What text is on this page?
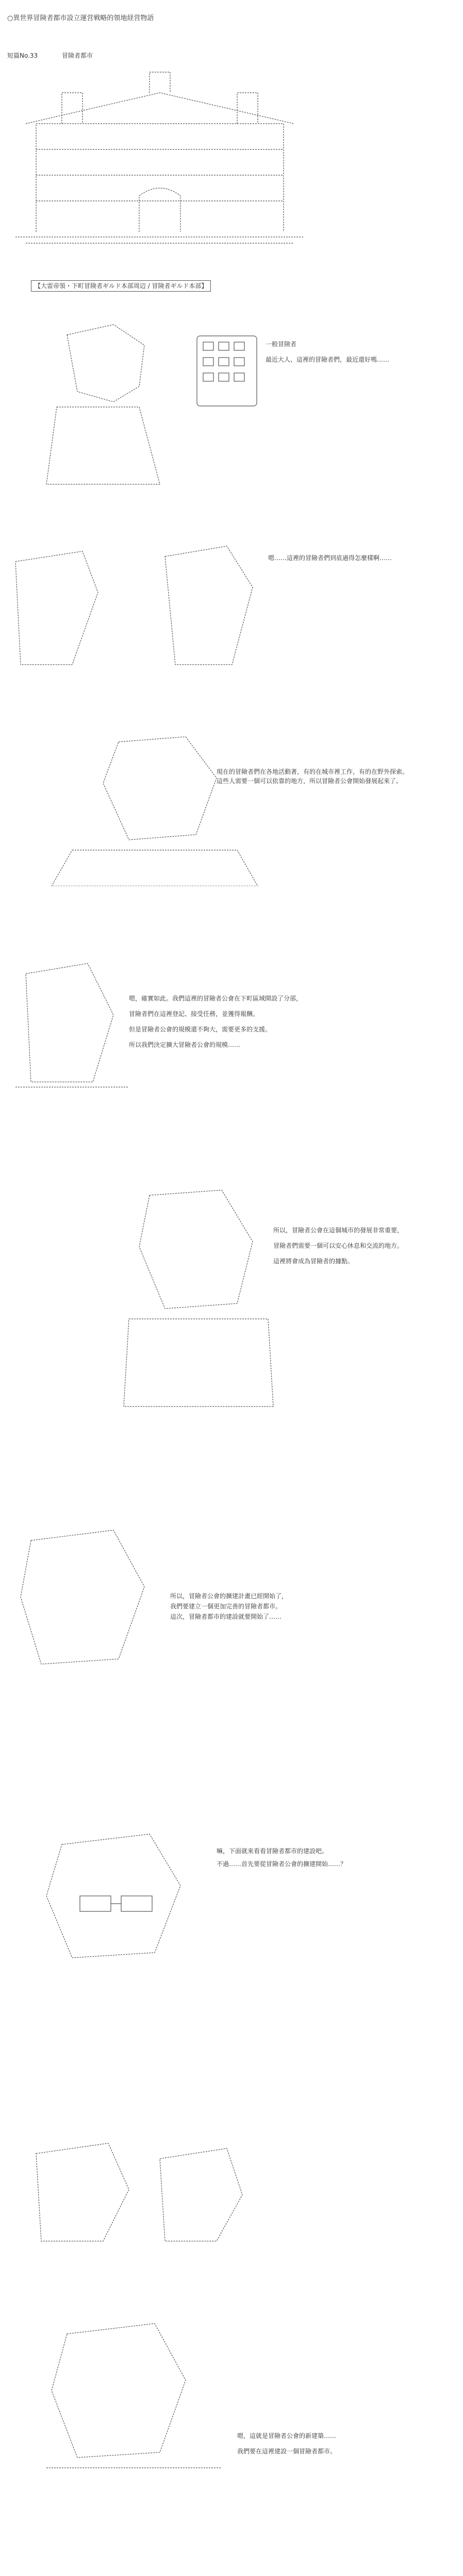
○異世界冒険者都市設立運営戦略的領地経営物語
短篇No.33	冒険者都市
【大雷帝領・下町冒険者ギルド本部周辺 / 冒険者ギルド本部】
一般冒険者
最近大人、這裡的冒險者們，最近還好嗎……
嗯……這裡的冒險者們到底過得怎麼樣啊……
現在的冒險者們在各地活動著，有的在城市裡工作，有的在野外探索。
這些人需要一個可以依靠的地方，所以冒險者公會開始發展起來了。
嗯，確實如此。我們這裡的冒險者公會在下町區域開設了分部，
冒險者們在這裡登記、接受任務，並獲得報酬。
但是冒險者公會的規模還不夠大，需要更多的支援。
所以我們決定擴大冒險者公會的規模……
所以，冒險者公會在這個城市的發展非常重要，
冒險者們需要一個可以安心休息和交流的地方。
這裡將會成為冒險者的據點。
所以，冒險者公會的擴建計畫已經開始了，
我們要建立一個更加完善的冒險者都市。
這次，冒險者都市的建設就要開始了……
嘛，下面就來看看冒險者都市的建設吧。
不過……首先要從冒險者公會的擴建開始……？
嗯，這就是冒險者公會的新建築……
我們要在這裡建設一個冒險者都市。
